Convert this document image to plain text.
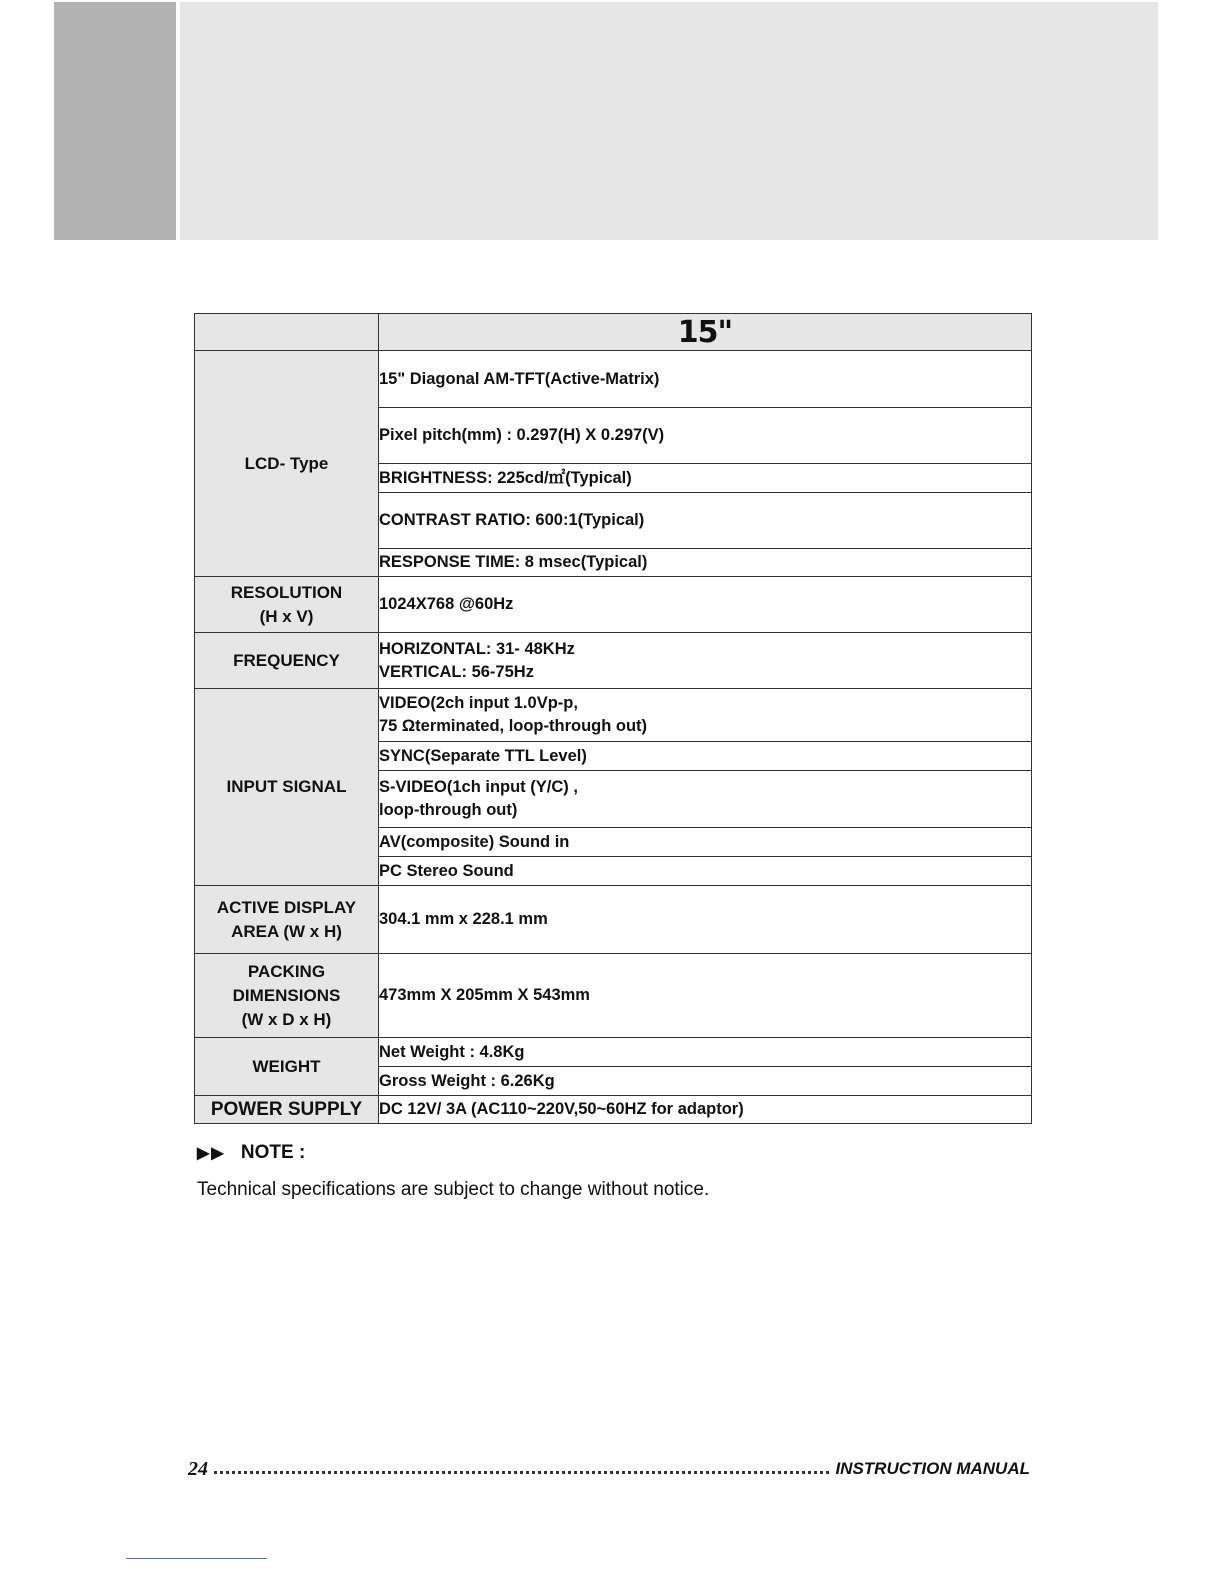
	15"
LCD- Type	15" Diagonal AM-TFT(Active-Matrix)
	Pixel pitch(mm) : 0.297(H) X 0.297(V)
	BRIGHTNESS: 225cd/㎡(Typical)
	CONTRAST RATIO: 600:1(Typical)
	RESPONSE TIME: 8 msec(Typical)

RESOLUTION
(H x V)	1024X768 @60Hz
FREQUENCY	HORIZONTAL: 31- 48KHz
VERTICAL: 56-75Hz

INPUT SIGNAL	VIDEO(2ch input 1.0Vp-p,
75 Ωterminated, loop-through out)

	SYNC(Separate TTL Level)

	S-VIDEO(1ch input (Y/C) ,
loop-through out)

	AV(composite) Sound in
	PC Stereo Sound

ACTIVE DISPLAY
AREA (W x H)	304.1 mm x 228.1 mm

PACKING
DIMENSIONS
(W x D x H)	473mm X 205mm X 543mm
WEIGHT	Net Weight : 4.8Kg
	Gross Weight : 6.26Kg
POWER SUPPLY	DC 12V/ 3A (AC110~220V,50~60HZ for adaptor)
▶▶ NOTE :
Technical specifications are subject to change without notice.
24	INSTRUCTION MANUAL
